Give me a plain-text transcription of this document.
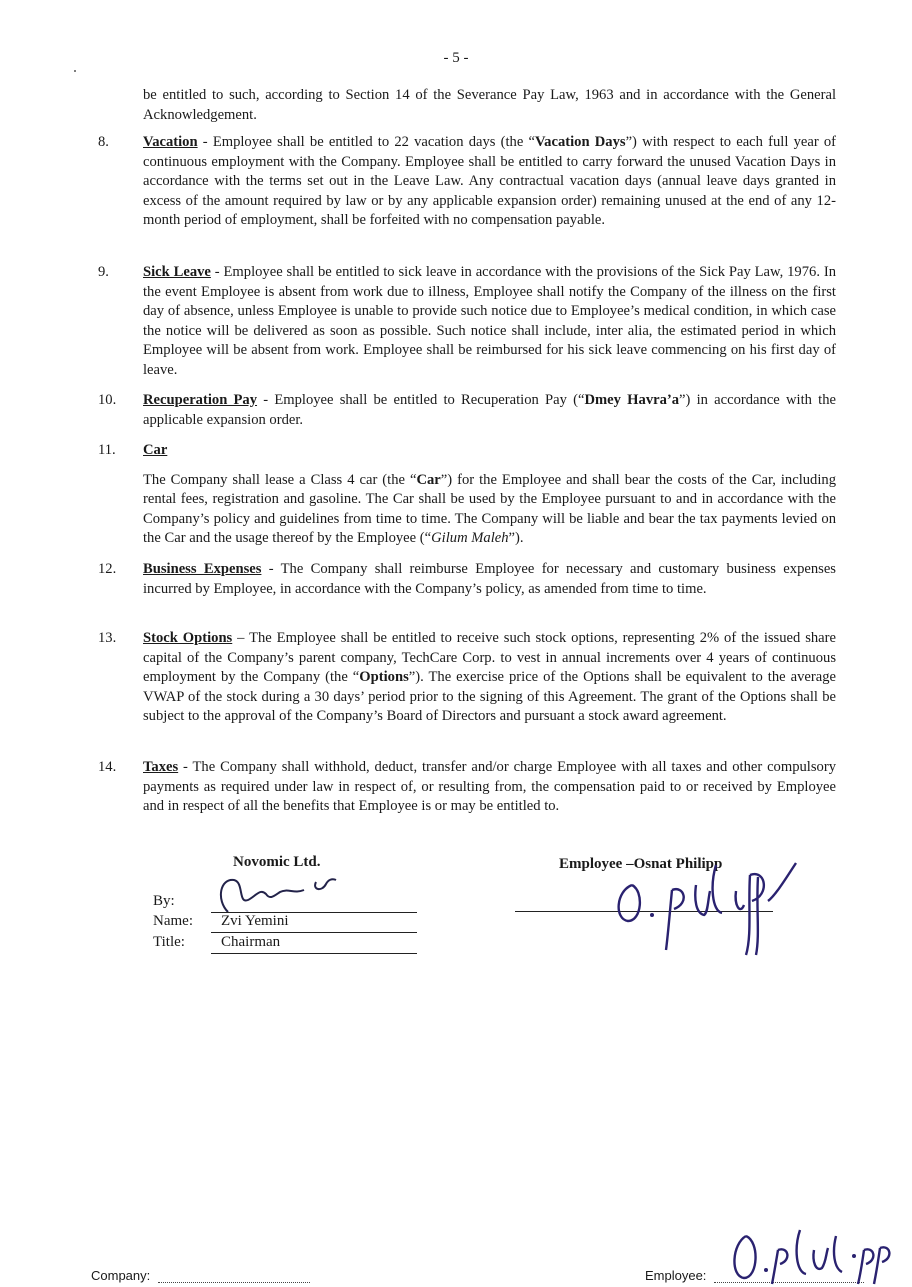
- 5 -
be entitled to such, according to Section 14 of the Severance Pay Law, 1963 and in accordance with the General Acknowledgement.
8.	Vacation - Employee shall be entitled to 22 vacation days (the “Vacation Days”) with respect to each full year of continuous employment with the Company. Employee shall be entitled to carry forward the unused Vacation Days in accordance with the terms set out in the Leave Law. Any contractual vacation days (annual leave days granted in excess of the amount required by law or by any applicable expansion order) remaining unused at the end of any 12-month period of employment, shall be forfeited with no compensation payable.
9.	Sick Leave - Employee shall be entitled to sick leave in accordance with the provisions of the Sick Pay Law, 1976. In the event Employee is absent from work due to illness, Employee shall notify the Company of the illness on the first day of absence, unless Employee is unable to provide such notice due to Employee’s medical condition, in which case the notice will be delivered as soon as possible. Such notice shall include, inter alia, the estimated period in which Employee will be absent from work. Employee shall be reimbursed for his sick leave commencing on his first day of leave.
10.	Recuperation Pay - Employee shall be entitled to Recuperation Pay (“Dmey Havra’a”) in accordance with the applicable expansion order.
11.	Car
The Company shall lease a Class 4 car (the “Car”) for the Employee and shall bear the costs of the Car, including rental fees, registration and gasoline. The Car shall be used by the Employee pursuant to and in accordance with the Company’s policy and guidelines from time to time. The Company will be liable and bear the tax payments levied on the Car and the usage thereof by the Employee (“Gilum Maleh”).
12.	Business Expenses - The Company shall reimburse Employee for necessary and customary business expenses incurred by Employee, in accordance with the Company’s policy, as amended from time to time.
13.	Stock Options – The Employee shall be entitled to receive such stock options, representing 2% of the issued share capital of the Company’s parent company, TechCare Corp. to vest in annual increments over 4 years of continuous employment by the Company (the “Options”). The exercise price of the Options shall be equivalent to the average VWAP of the stock during a 30 days’ period prior to the signing of this Agreement. The grant of the Options shall be subject to the approval of the Company’s Board of Directors and pursuant a stock award agreement.
14.	Taxes - The Company shall withhold, deduct, transfer and/or charge Employee with all taxes and other compulsory payments as required under law in respect of, or resulting from, the compensation paid to or received by Employee and in respect of all the benefits that Employee is or may be entitled to.
Novomic Ltd.
By:
Name: Zvi Yemini
Title: Chairman
Employee –Osnat Philipp
Company:	Employee:
